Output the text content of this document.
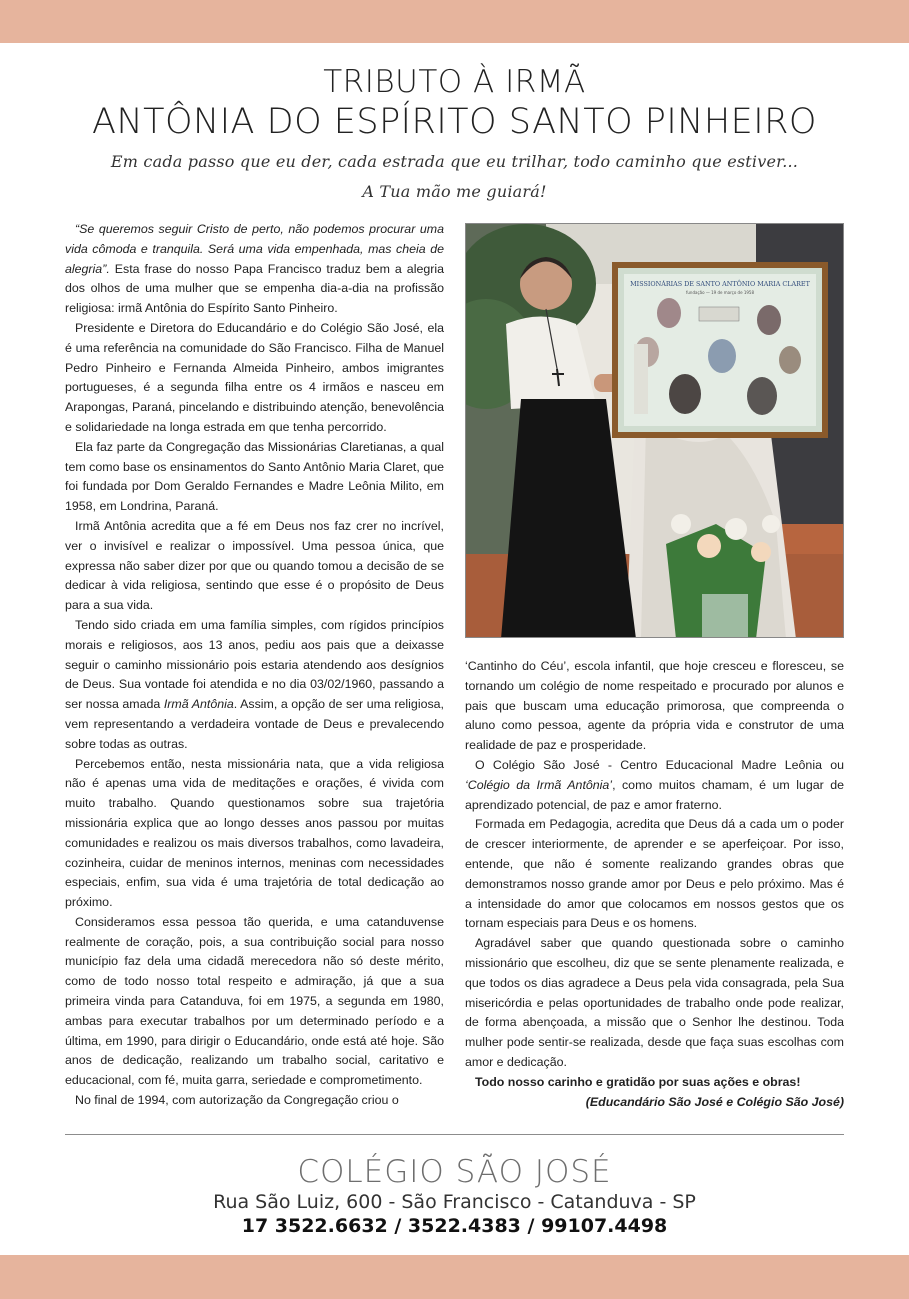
TRIBUTO À IRMÃ
ANTÔNIA DO ESPÍRITO SANTO PINHEIRO
Em cada passo que eu der, cada estrada que eu trilhar, todo caminho que estiver...
A Tua mão me guiará!

“Se queremos seguir Cristo de perto, não podemos procurar uma vida cômoda e tranquila. Será uma vida empenhada, mas cheia de alegria”. Esta frase do nosso Papa Francisco traduz bem a alegria dos olhos de uma mulher que se empenha dia-a-dia na profissão religiosa: irmã Antônia do Espírito Santo Pinheiro.

Presidente e Diretora do Educandário e do Colégio São José, ela é uma referência na comunidade do São Francisco. Filha de Manuel Pedro Pinheiro e Fernanda Almeida Pinheiro, ambos imigrantes portugueses, é a segunda filha entre os 4 irmãos e nasceu em Arapongas, Paraná, pincelando e distribuindo atenção, benevolência e solidariedade na longa estrada em que tenha percorrido.

Ela faz parte da Congregação das Missionárias Claretianas, a qual tem como base os ensinamentos do Santo Antônio Maria Claret, que foi fundada por Dom Geraldo Fernandes e Madre Leônia Milito, em 1958, em Londrina, Paraná.

Irmã Antônia acredita que a fé em Deus nos faz crer no incrível, ver o invisível e realizar o impossível. Uma pessoa única, que expressa não saber dizer por que ou quando tomou a decisão de se dedicar à vida religiosa, sentindo que esse é o propósito de Deus para a sua vida.

Tendo sido criada em uma família simples, com rígidos princípios morais e religiosos, aos 13 anos, pediu aos pais que a deixasse seguir o caminho missionário pois estaria atendendo aos desígnios de Deus. Sua vontade foi atendida e no dia 03/02/1960, passando a ser nossa amada Irmã Antônia. Assim, a opção de ser uma religiosa, vem representando a verdadeira vontade de Deus e prevalecendo sobre todas as outras.

Percebemos então, nesta missionária nata, que a vida religiosa não é apenas uma vida de meditações e orações, é vivida com muito trabalho. Quando questionamos sobre sua trajetória missionária explica que ao longo desses anos passou por muitas comunidades e realizou os mais diversos trabalhos, como lavadeira, cozinheira, cuidar de meninos internos, meninas com necessidades especiais, enfim, sua vida é uma trajetória de total dedicação ao próximo.

Consideramos essa pessoa tão querida, e uma catanduvense realmente de coração, pois, a sua contribuição social para nosso município faz dela uma cidadã merecedora não só deste mérito, como de todo nosso total respeito e admiração, já que a sua primeira vinda para Catanduva, foi em 1975, a segunda em 1980, ambas para executar trabalhos por um determinado período e a última, em 1990, para dirigir o Educandário, onde está até hoje. São anos de dedicação, realizando um trabalho social, caritativo e educacional, com fé, muita garra, seriedade e comprometimento.

No final de 1994, com autorização da Congregação criou o

MISSIONÁRIAS DE SANTO ANTÔNIO MARIA CLARET
fundação — 19 de março de 1958

‘Cantinho do Céu’, escola infantil, que hoje cresceu e floresceu, se tornando um colégio de nome respeitado e procurado por alunos e pais que buscam uma educação primorosa, que compreenda o aluno como pessoa, agente da própria vida e construtor de uma realidade de paz e prosperidade.

O Colégio São José - Centro Educacional Madre Leônia ou ‘Colégio da Irmã Antônia’, como muitos chamam, é um lugar de aprendizado potencial, de paz e amor fraterno.

Formada em Pedagogia, acredita que Deus dá a cada um o poder de crescer interiormente, de aprender e se aperfeiçoar. Por isso, entende, que não é somente realizando grandes obras que demonstramos nosso grande amor por Deus e pelo próximo. Mas é a intensidade do amor que colocamos em nossos gestos que os tornam especiais para Deus e os homens.

Agradável saber que quando questionada sobre o caminho missionário que escolheu, diz que se sente plenamente realizada, e que todos os dias agradece a Deus pela vida consagrada, pela Sua misericórdia e pelas oportunidades de trabalho onde pode realizar, de forma abençoada, a missão que o Senhor lhe destinou. Toda mulher pode sentir-se realizada, desde que faça suas escolhas com amor e dedicação.

Todo nosso carinho e gratidão por suas ações e obras!

(Educandário São José e Colégio São José)

COLÉGIO SÃO JOSÉ
Rua São Luiz, 600 - São Francisco - Catanduva - SP
17 3522.6632 / 3522.4383 / 99107.4498
